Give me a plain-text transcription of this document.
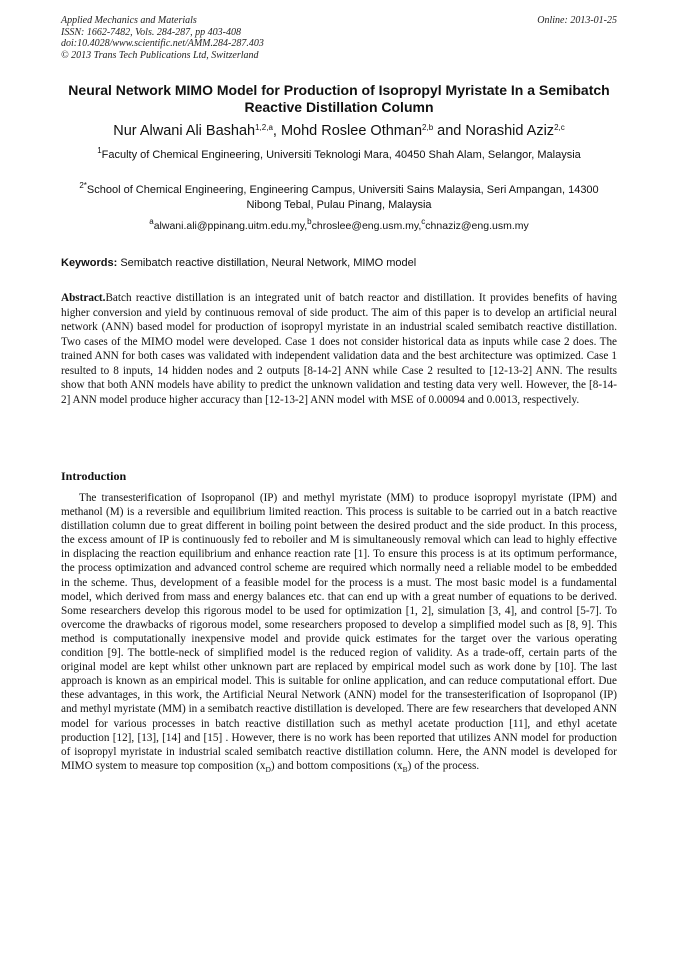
Applied Mechanics and Materials
ISSN: 1662-7482, Vols. 284-287, pp 403-408
doi:10.4028/www.scientific.net/AMM.284-287.403
© 2013 Trans Tech Publications Ltd, Switzerland
Online: 2013-01-25
Neural Network MIMO Model for Production of Isopropyl Myristate In a Semibatch Reactive Distillation Column
Nur Alwani Ali Bashah$^{1,2,a}$, Mohd Roslee Othman$^{2,b}$ and Norashid Aziz$^{2,c}$
$^1$Faculty of Chemical Engineering, Universiti Teknologi Mara, 40450 Shah Alam, Selangor, Malaysia
$^{2*}$School of Chemical Engineering, Engineering Campus, Universiti Sains Malaysia, Seri Ampangan, 14300 Nibong Tebal, Pulau Pinang, Malaysia
$^a$alwani.ali@ppinang.uitm.edu.my,$^b$chroslee@eng.usm.my,$^c$chnaziz@eng.usm.my
Keywords: Semibatch reactive distillation, Neural Network, MIMO model
Abstract.Batch reactive distillation is an integrated unit of batch reactor and distillation. It provides benefits of having higher conversion and yield by continuous removal of side product. The aim of this paper is to develop an artificial neural network (ANN) based model for production of isopropyl myristate in an industrial scaled semibatch reactive distillation. Two cases of the MIMO model were developed. Case 1 does not consider historical data as inputs while case 2 does. The trained ANN for both cases was validated with independent validation data and the best architecture was optimized. Case 1 resulted to 8 inputs, 14 hidden nodes and 2 outputs [8-14-2] ANN while Case 2 resulted to [12-13-2] ANN. The results show that both ANN models have ability to predict the unknown validation and testing data very well. However, the [8-14-2] ANN model produce higher accuracy than [12-13-2] ANN model with MSE of 0.00094 and 0.0013, respectively.
Introduction
The transesterification of Isopropanol (IP) and methyl myristate (MM) to produce isopropyl myristate (IPM) and methanol (M) is a reversible and equilibrium limited reaction. This process is suitable to be carried out in a batch reactive distillation column due to great different in boiling point between the desired product and the side product. In this process, the excess amount of IP is continuously fed to reboiler and M is simultaneously removal which can lead to highly effective in displacing the reaction equilibrium and enhance reaction rate [1]. To ensure this process is at its optimum performance, the process optimization and advanced control scheme are required which normally need a reliable model to be embedded in the scheme. Thus, development of a feasible model for the process is a must. The most basic model is a fundamental model, which derived from mass and energy balances etc. that can end up with a great number of equations to be derived. Some researchers develop this rigorous model to be used for optimization [1, 2], simulation [3, 4], and control [5-7]. To overcome the drawbacks of rigorous model, some researchers proposed to develop a simplified model such as [8, 9]. This method is computationally inexpensive model and provide quick estimates for the target over the various operating condition [9]. The bottle-neck of simplified model is the reduced region of validity. As a trade-off, certain parts of the original model are kept whilst other unknown part are replaced by empirical model such as work done by [10]. The last approach is known as an empirical model. This is suitable for online application, and can reduce computational effort. Due these advantages, in this work, the Artificial Neural Network (ANN) model for the transesterification of Isopropanol (IP) and methyl myristate (MM) in a semibatch reactive distillation is developed. There are few researchers that developed ANN model for various processes in batch reactive distillation such as methyl acetate production [11], and ethyl acetate production [12], [13], [14] and [15] . However, there is no work has been reported that utilizes ANN model for production of isopropyl myristate in industrial scaled semibatch reactive distillation column. Here, the ANN model is developed for MIMO system to measure top composition $(x_D)$ and bottom compositions $(x_B)$ of the process.
